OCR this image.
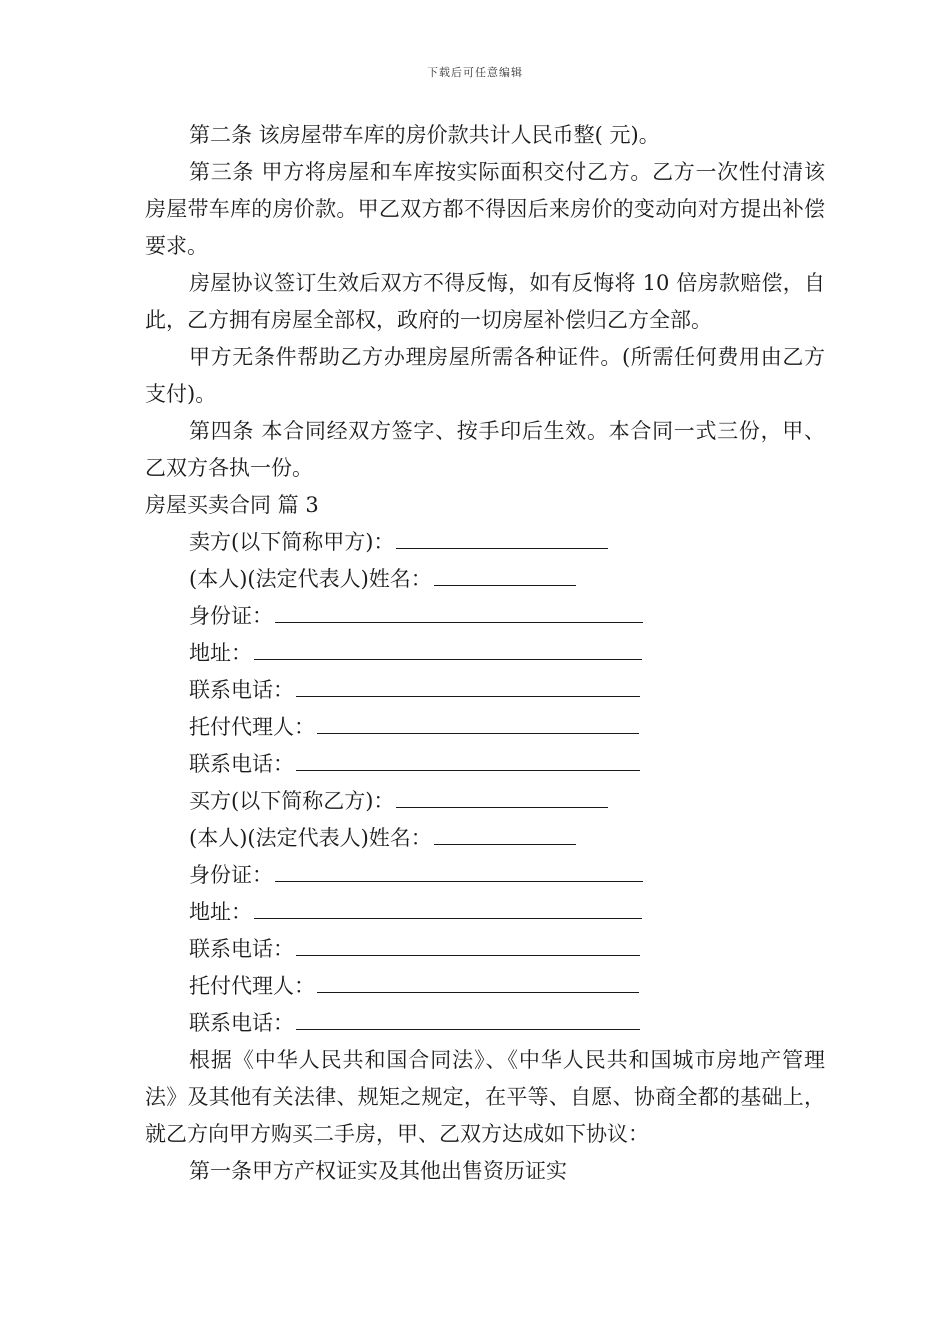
下载后可任意编辑

第二条 该房屋带车库的房价款共计人民币整( 元)。

第三条 甲方将房屋和车库按实际面积交付乙方。乙方一次性付清该房屋带车库的房价款。甲乙双方都不得因后来房价的变动向对方提出补偿要求。

房屋协议签订生效后双方不得反悔，如有反悔将 10 倍房款赔偿，自此，乙方拥有房屋全部权，政府的一切房屋补偿归乙方全部。

甲方无条件帮助乙方办理房屋所需各种证件。(所需任何费用由乙方支付)。

第四条 本合同经双方签字、按手印后生效。本合同一式三份，甲、乙双方各执一份。

房屋买卖合同 篇 3

卖方(以下简称甲方)：
(本人)(法定代表人)姓名：
身份证：
地址：
联系电话：
托付代理人：
联系电话：
买方(以下简称乙方)：
(本人)(法定代表人)姓名：
身份证：
地址：
联系电话：
托付代理人：
联系电话：

根据《中华人民共和国合同法》、《中华人民共和国城市房地产管理法》及其他有关法律、规矩之规定，在平等、自愿、协商全都的基础上，就乙方向甲方购买二手房，甲、乙双方达成如下协议：

第一条甲方产权证实及其他出售资历证实
